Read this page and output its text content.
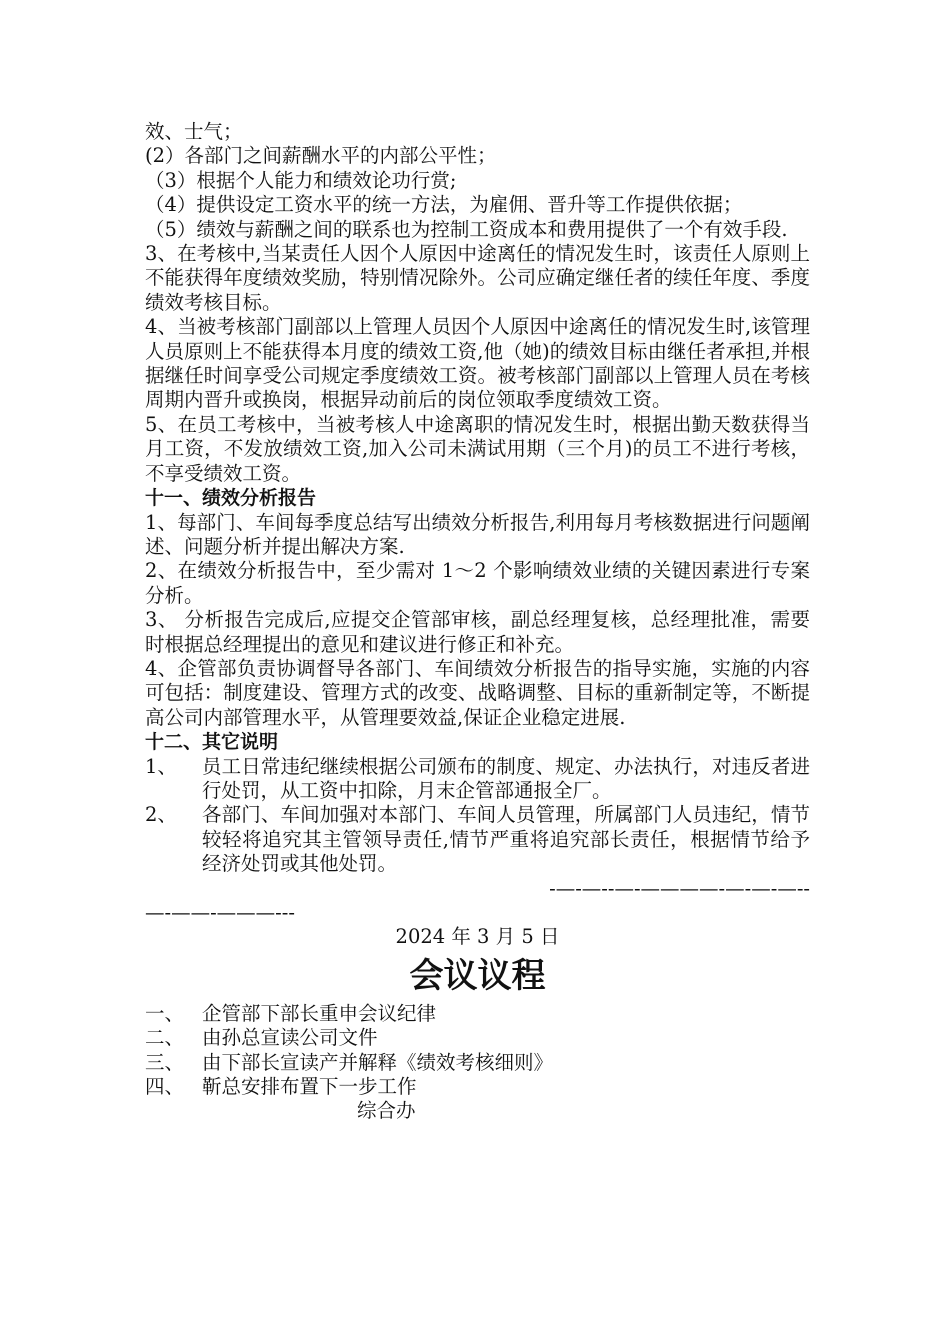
效、士气；

(2）各部门之间薪酬水平的内部公平性；

（3）根据个人能力和绩效论功行赏;

（4）提供设定工资水平的统一方法，为雇佣、晋升等工作提供依据；

（5）绩效与薪酬之间的联系也为控制工资成本和费用提供了一个有效手段.

3、在考核中,当某责任人因个人原因中途离任的情况发生时，该责任人原则上不能获得年度绩效奖励，特别情况除外。公司应确定继任者的续任年度、季度绩效考核目标。

4、当被考核部门副部以上管理人员因个人原因中途离任的情况发生时,该管理人员原则上不能获得本月度的绩效工资,他（她)的绩效目标由继任者承担,并根据继任时间享受公司规定季度绩效工资。被考核部门副部以上管理人员在考核周期内晋升或换岗，根据异动前后的岗位领取季度绩效工资。

5、在员工考核中，当被考核人中途离职的情况发生时，根据出勤天数获得当月工资，不发放绩效工资,加入公司未满试用期（三个月)的员工不进行考核，不享受绩效工资。

十一、绩效分析报告

1、每部门、车间每季度总结写出绩效分析报告,利用每月考核数据进行问题阐述、问题分析并提出解决方案.

2、在绩效分析报告中，至少需对 1～2 个影响绩效业绩的关键因素进行专案分析。

3、 分析报告完成后,应提交企管部审核，副总经理复核，总经理批准，需要时根据总经理提出的意见和建议进行修正和补充。

4、企管部负责协调督导各部门、车间绩效分析报告的指导实施，实施的内容可包括：制度建设、管理方式的改变、战略调整、目标的重新制定等，不断提高公司内部管理水平，从管理要效益,保证企业稳定进展.

十二、其它说明

1、	员工日常违纪继续根据公司颁布的制度、规定、办法执行，对违反者进行处罚，从工资中扣除，月末企管部通报全厂。
2、	各部门、车间加强对本部门、车间人员管理，所属部门人员违纪，情节较轻将追究其主管领导责任,情节严重将追究部长责任，根据情节给予经济处罚或其他处罚。

-—-—--—-————-—-—-—--

—-——-———---

2024 年 3 月 5 日

会议议程

一、 企管部下部长重申会议纪律
二、 由孙总宣读公司文件
三、 由下部长宣读产并解释《绩效考核细则》
四、 靳总安排布置下一步工作

综合办
